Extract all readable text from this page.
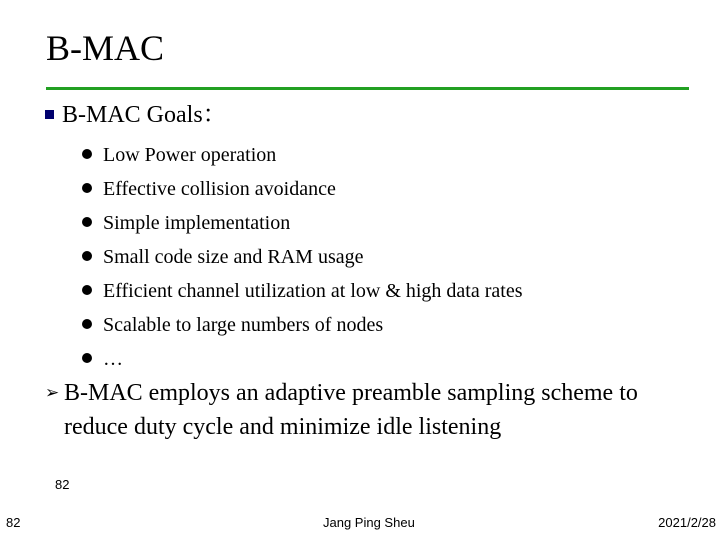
B-MAC
B-MAC Goals：
Low Power operation
Effective collision avoidance
Simple implementation
Small code size and RAM usage
Efficient channel utilization at low & high data rates
Scalable to large numbers of nodes
…
➢ B-MAC employs an adaptive preamble sampling scheme to reduce duty cycle and minimize idle listening
82
82
Jang Ping Sheu	2021/2/28
